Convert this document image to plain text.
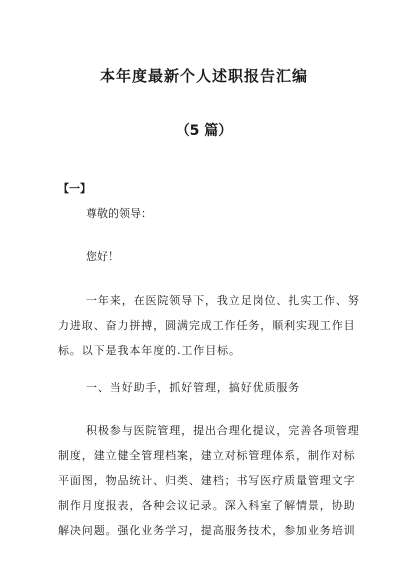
本年度最新个人述职报告汇编
（5 篇）
【一】
尊敬的领导：
您好！
一年来，在医院领导下，我立足岗位、扎实工作、努
力进取、奋力拼搏，圆满完成工作任务，顺利实现工作目
标。以下是我本年度的.工作目标。
一、当好助手，抓好管理，搞好优质服务
积极参与医院管理，提出合理化提议，完善各项管理
制度，建立健全管理档案，建立对标管理体系，制作对标
平面图，物品统计、归类、建档；书写医疗质量管理文字
制作月度报表，各种会议记录。深入科室了解情景，协助
解决问题。强化业务学习，提高服务技术，参加业务培训
